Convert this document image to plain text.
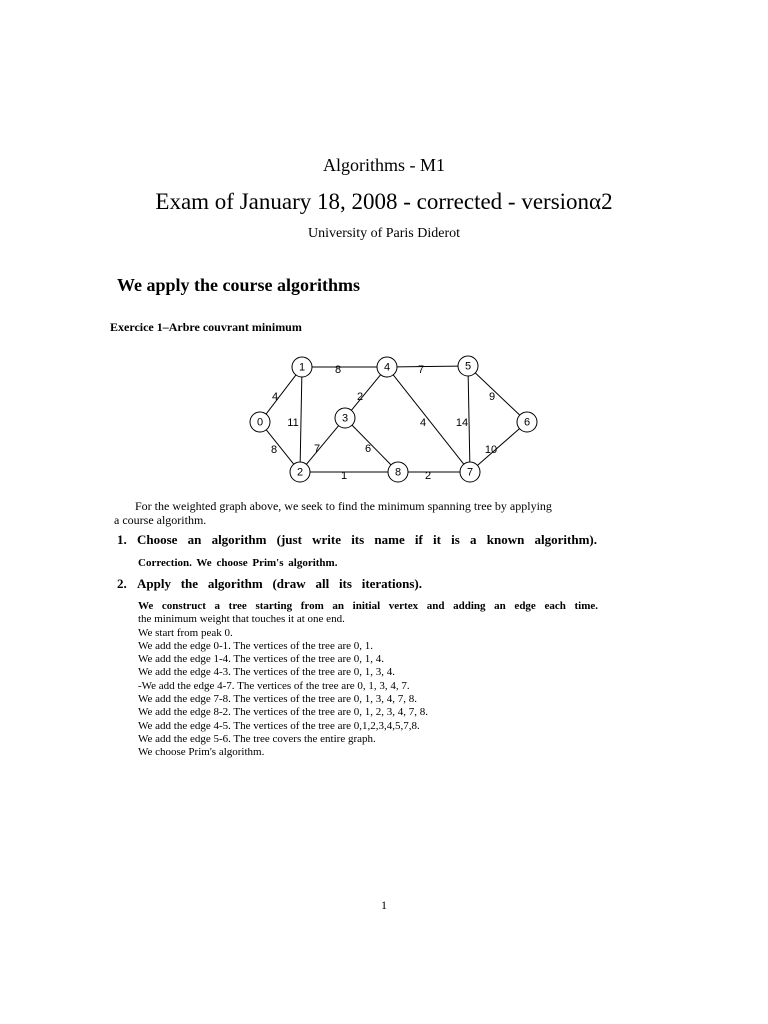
Algorithms - M1
Exam of January 18, 2008 - corrected - versionα2
University of Paris Diderot
We apply the course algorithms
Exercice 1–Arbre couvrant minimum
4
8
11
8
2
7	6
1	2
4
7
14
9
10
0
1
2
3
4	5
6
7
8
For the weighted graph above, we seek to find the minimum spanning tree by applying
a course algorithm.
1. Choose an algorithm (just write its name if it is a known algorithm).
Correction. We choose Prim's algorithm.
2. Apply the algorithm (draw all its iterations).
We construct a tree starting from an initial vertex and adding an edge each time.
the minimum weight that touches it at one end.
We start from peak 0.
We add the edge 0-1. The vertices of the tree are 0, 1.
We add the edge 1-4. The vertices of the tree are 0, 1, 4.
We add the edge 4-3. The vertices of the tree are 0, 1, 3, 4.
-We add the edge 4-7. The vertices of the tree are 0, 1, 3, 4, 7.
We add the edge 7-8. The vertices of the tree are 0, 1, 3, 4, 7, 8.
We add the edge 8-2. The vertices of the tree are 0, 1, 2, 3, 4, 7, 8.
We add the edge 4-5. The vertices of the tree are 0,1,2,3,4,5,7,8.
We add the edge 5-6. The tree covers the entire graph.
We choose Prim's algorithm.
1
